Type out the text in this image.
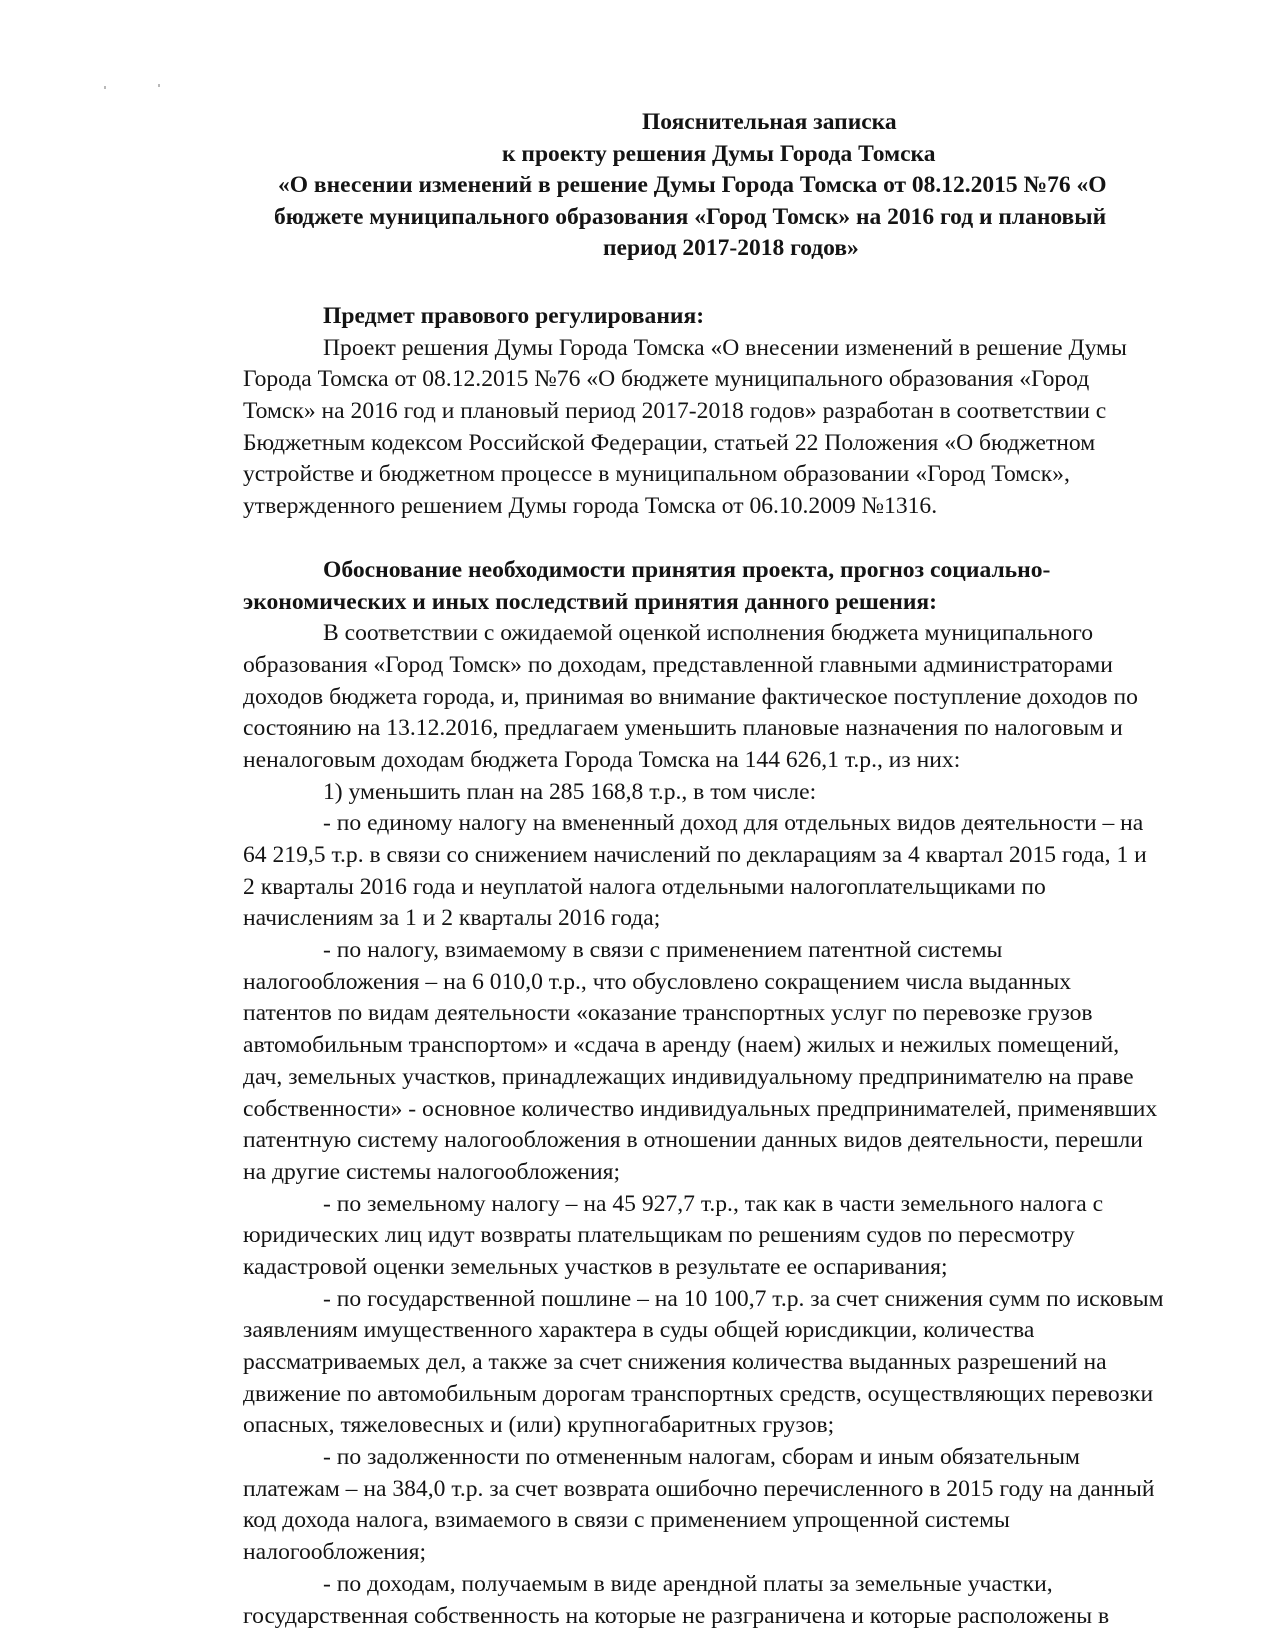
Пояснительная записка
к проекту решения Думы Города Томска
«О внесении изменений в решение Думы Города Томска от 08.12.2015 №76 «О
бюджете муниципального образования «Город Томск» на 2016 год и плановый
период 2017-2018 годов»
Предмет правового регулирования:
Проект решения Думы Города Томска «О внесении изменений в решение Думы
Города Томска от 08.12.2015 №76 «О бюджете муниципального образования «Город
Томск» на 2016 год и плановый период 2017-2018 годов» разработан в соответствии с
Бюджетным кодексом Российской Федерации, статьей 22 Положения «О бюджетном
устройстве и бюджетном процессе в муниципальном образовании «Город Томск»,
утвержденного решением Думы города Томска от 06.10.2009 №1316.
Обоснование необходимости принятия проекта, прогноз социально-
экономических и иных последствий принятия данного решения:
В соответствии с ожидаемой оценкой исполнения бюджета муниципального
образования «Город Томск» по доходам, представленной главными администраторами
доходов бюджета города, и, принимая во внимание фактическое поступление доходов по
состоянию на 13.12.2016, предлагаем уменьшить плановые назначения по налоговым и
неналоговым доходам бюджета Города Томска на 144 626,1 т.р., из них:
1) уменьшить план на 285 168,8 т.р., в том числе:
- по единому налогу на вмененный доход для отдельных видов деятельности – на
64 219,5 т.р. в связи со снижением начислений по декларациям за 4 квартал 2015 года, 1 и
2 кварталы 2016 года и неуплатой налога отдельными налогоплательщиками по
начислениям за 1 и 2 кварталы 2016 года;
- по налогу, взимаемому в связи с применением патентной системы
налогообложения – на 6 010,0 т.р., что обусловлено сокращением числа выданных
патентов по видам деятельности «оказание транспортных услуг по перевозке грузов
автомобильным транспортом» и «сдача в аренду (наем) жилых и нежилых помещений,
дач, земельных участков, принадлежащих индивидуальному предпринимателю на праве
собственности» - основное количество индивидуальных предпринимателей, применявших
патентную систему налогообложения в отношении данных видов деятельности, перешли
на другие системы налогообложения;
- по земельному налогу – на 45 927,7 т.р., так как в части земельного налога с
юридических лиц идут возвраты плательщикам по решениям судов по пересмотру
кадастровой оценки земельных участков в результате ее оспаривания;
- по государственной пошлине – на 10 100,7 т.р. за счет снижения сумм по исковым
заявлениям имущественного характера в суды общей юрисдикции, количества
рассматриваемых дел, а также за счет снижения количества выданных разрешений на
движение по автомобильным дорогам транспортных средств, осуществляющих перевозки
опасных, тяжеловесных и (или) крупногабаритных грузов;
- по задолженности по отмененным налогам, сборам и иным обязательным
платежам – на 384,0 т.р. за счет возврата ошибочно перечисленного в 2015 году на данный
код дохода налога, взимаемого в связи с применением упрощенной системы
налогообложения;
- по доходам, получаемым в виде арендной платы за земельные участки,
государственная собственность на которые не разграничена и которые расположены в
